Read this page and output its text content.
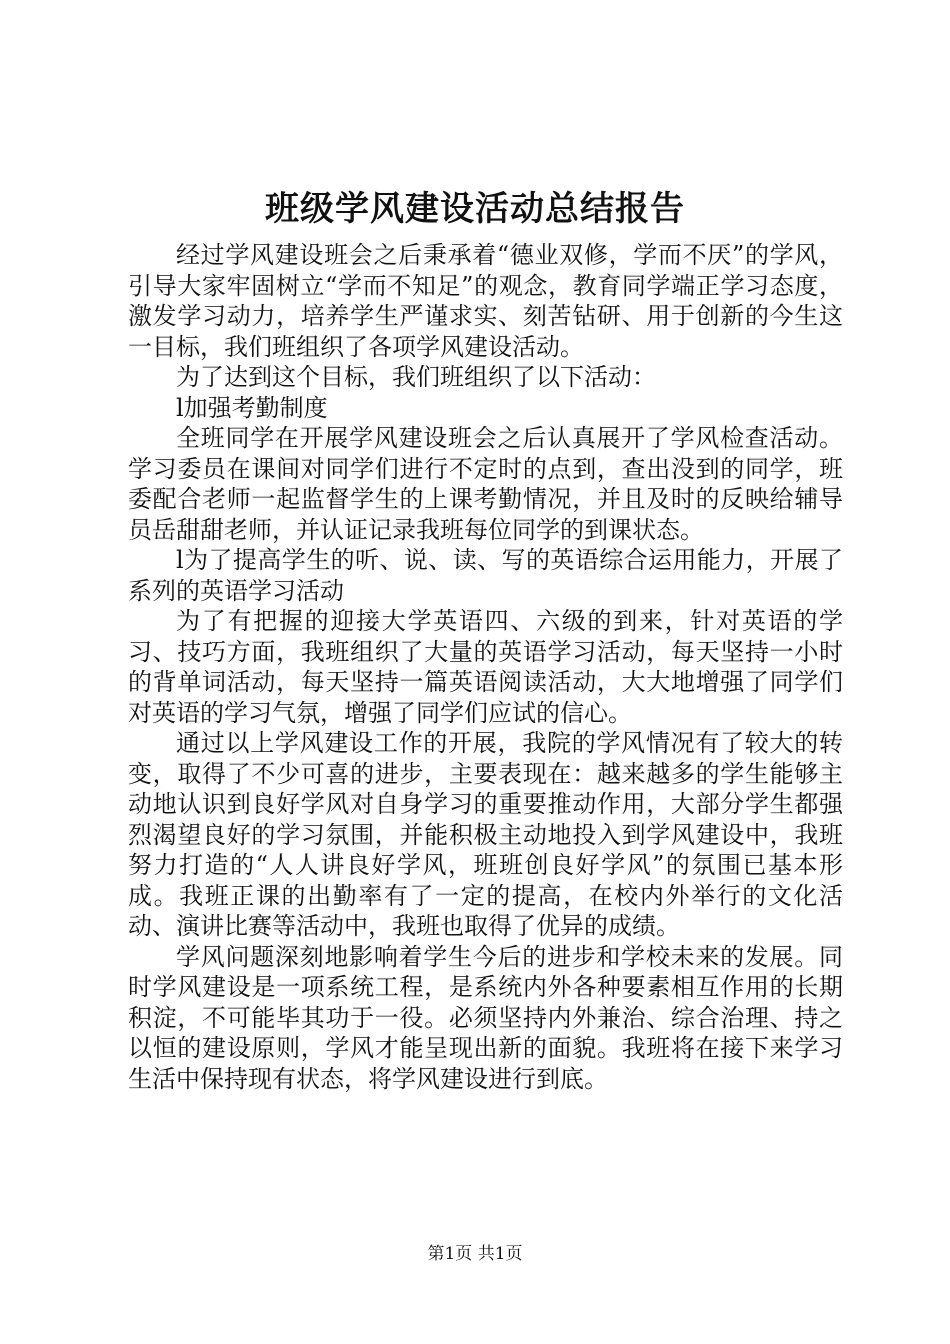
班级学风建设活动总结报告

经过学风建设班会之后秉承着“德业双修，学而不厌”的学风，引导大家牢固树立“学而不知足”的观念，教育同学端正学习态度，激发学习动力，培养学生严谨求实、刻苦钻研、用于创新的今生这一目标，我们班组织了各项学风建设活动。

为了达到这个目标，我们班组织了以下活动：

l加强考勤制度

全班同学在开展学风建设班会之后认真展开了学风检查活动。学习委员在课间对同学们进行不定时的点到，查出没到的同学，班委配合老师一起监督学生的上课考勤情况，并且及时的反映给辅导员岳甜甜老师，并认证记录我班每位同学的到课状态。

l为了提高学生的听、说、读、写的英语综合运用能力，开展了系列的英语学习活动

为了有把握的迎接大学英语四、六级的到来，针对英语的学习、技巧方面，我班组织了大量的英语学习活动，每天坚持一小时的背单词活动，每天坚持一篇英语阅读活动，大大地增强了同学们对英语的学习气氛，增强了同学们应试的信心。

通过以上学风建设工作的开展，我院的学风情况有了较大的转变，取得了不少可喜的进步，主要表现在：越来越多的学生能够主动地认识到良好学风对自身学习的重要推动作用，大部分学生都强烈渴望良好的学习氛围，并能积极主动地投入到学风建设中，我班努力打造的“人人讲良好学风，班班创良好学风”的氛围已基本形成。我班正课的出勤率有了一定的提高，在校内外举行的文化活动、演讲比赛等活动中，我班也取得了优异的成绩。

学风问题深刻地影响着学生今后的进步和学校未来的发展。同时学风建设是一项系统工程，是系统内外各种要素相互作用的长期积淀，不可能毕其功于一役。必须坚持内外兼治、综合治理、持之以恒的建设原则，学风才能呈现出新的面貌。我班将在接下来学习生活中保持现有状态，将学风建设进行到底。

第1页 共1页
